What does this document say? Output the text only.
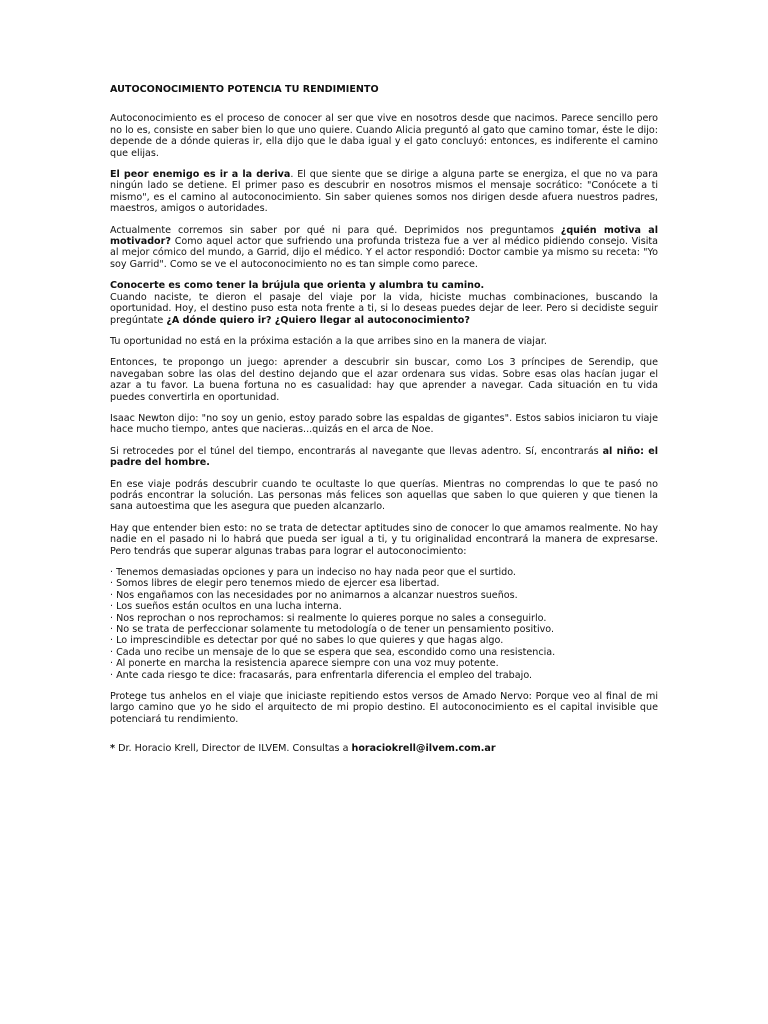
AUTOCONOCIMIENTO POTENCIA TU RENDIMIENTO

Autoconocimiento es el proceso de conocer al ser que vive en nosotros desde que nacimos. Parece sencillo pero no lo es, consiste en saber bien lo que uno quiere. Cuando Alicia preguntó al gato que camino tomar, éste le dijo: depende de a dónde quieras ir, ella dijo que le daba igual y el gato concluyó: entonces, es indiferente el camino que elijas.

El peor enemigo es ir a la deriva. El que siente que se dirige a alguna parte se energiza, el que no va para ningún lado se detiene. El primer paso es descubrir en nosotros mismos el mensaje socrático: "Conócete a ti mismo", es el camino al autoconocimiento. Sin saber quienes somos nos dirigen desde afuera nuestros padres, maestros, amigos o autoridades.

Actualmente corremos sin saber por qué ni para qué. Deprimidos nos preguntamos ¿quién motiva al motivador? Como aquel actor que sufriendo una profunda tristeza fue a ver al médico pidiendo consejo. Visita al mejor cómico del mundo, a Garrid, dijo el médico. Y el actor respondió: Doctor cambie ya mismo su receta: "Yo soy Garrid". Como se ve el autoconocimiento no es tan simple como parece.

Conocerte es como tener la brújula que orienta y alumbra tu camino.
Cuando naciste, te dieron el pasaje del viaje por la vida, hiciste muchas combinaciones, buscando la oportunidad. Hoy, el destino puso esta nota frente a ti, si lo deseas puedes dejar de leer. Pero si decidiste seguir pregúntate ¿A dónde quiero ir? ¿Quiero llegar al autoconocimiento?

Tu oportunidad no está en la próxima estación a la que arribes sino en la manera de viajar.

Entonces, te propongo un juego: aprender a descubrir sin buscar, como Los 3 príncipes de Serendip, que navegaban sobre las olas del destino dejando que el azar ordenara sus vidas. Sobre esas olas hacían jugar el azar a tu favor. La buena fortuna no es casualidad: hay que aprender a navegar. Cada situación en tu vida puedes convertirla en oportunidad.

Isaac Newton dijo: "no soy un genio, estoy parado sobre las espaldas de gigantes". Estos sabios iniciaron tu viaje hace mucho tiempo, antes que nacieras...quizás en el arca de Noe.

Si retrocedes por el túnel del tiempo, encontrarás al navegante que llevas adentro. Sí, encontrarás al niño: el padre del hombre.

En ese viaje podrás descubrir cuando te ocultaste lo que querías. Mientras no comprendas lo que te pasó no podrás encontrar la solución. Las personas más felices son aquellas que saben lo que quieren y que tienen la sana autoestima que les asegura que pueden alcanzarlo.

Hay que entender bien esto: no se trata de detectar aptitudes sino de conocer lo que amamos realmente. No hay nadie en el pasado ni lo habrá que pueda ser igual a ti, y tu originalidad encontrará la manera de expresarse. Pero tendrás que superar algunas trabas para lograr el autoconocimiento:

· Tenemos demasiadas opciones y para un indeciso no hay nada peor que el surtido.
· Somos libres de elegir pero tenemos miedo de ejercer esa libertad.
· Nos engañamos con las necesidades por no animarnos a alcanzar nuestros sueños.
· Los sueños están ocultos en una lucha interna.
· Nos reprochan o nos reprochamos: si realmente lo quieres porque no sales a conseguirlo.
· No se trata de perfeccionar solamente tu metodología o de tener un pensamiento positivo.
· Lo imprescindible es detectar por qué no sabes lo que quieres y que hagas algo.
· Cada uno recibe un mensaje de lo que se espera que sea, escondido como una resistencia.
· Al ponerte en marcha la resistencia aparece siempre con una voz muy potente.
· Ante cada riesgo te dice: fracasarás, para enfrentarla diferencia el empleo del trabajo.

Protege tus anhelos en el viaje que iniciaste repitiendo estos versos de Amado Nervo: Porque veo al final de mi largo camino que yo he sido el arquitecto de mi propio destino. El autoconocimiento es el capital invisible que potenciará tu rendimiento.

* Dr. Horacio Krell, Director de ILVEM. Consultas a horaciokrell@ilvem.com.ar
